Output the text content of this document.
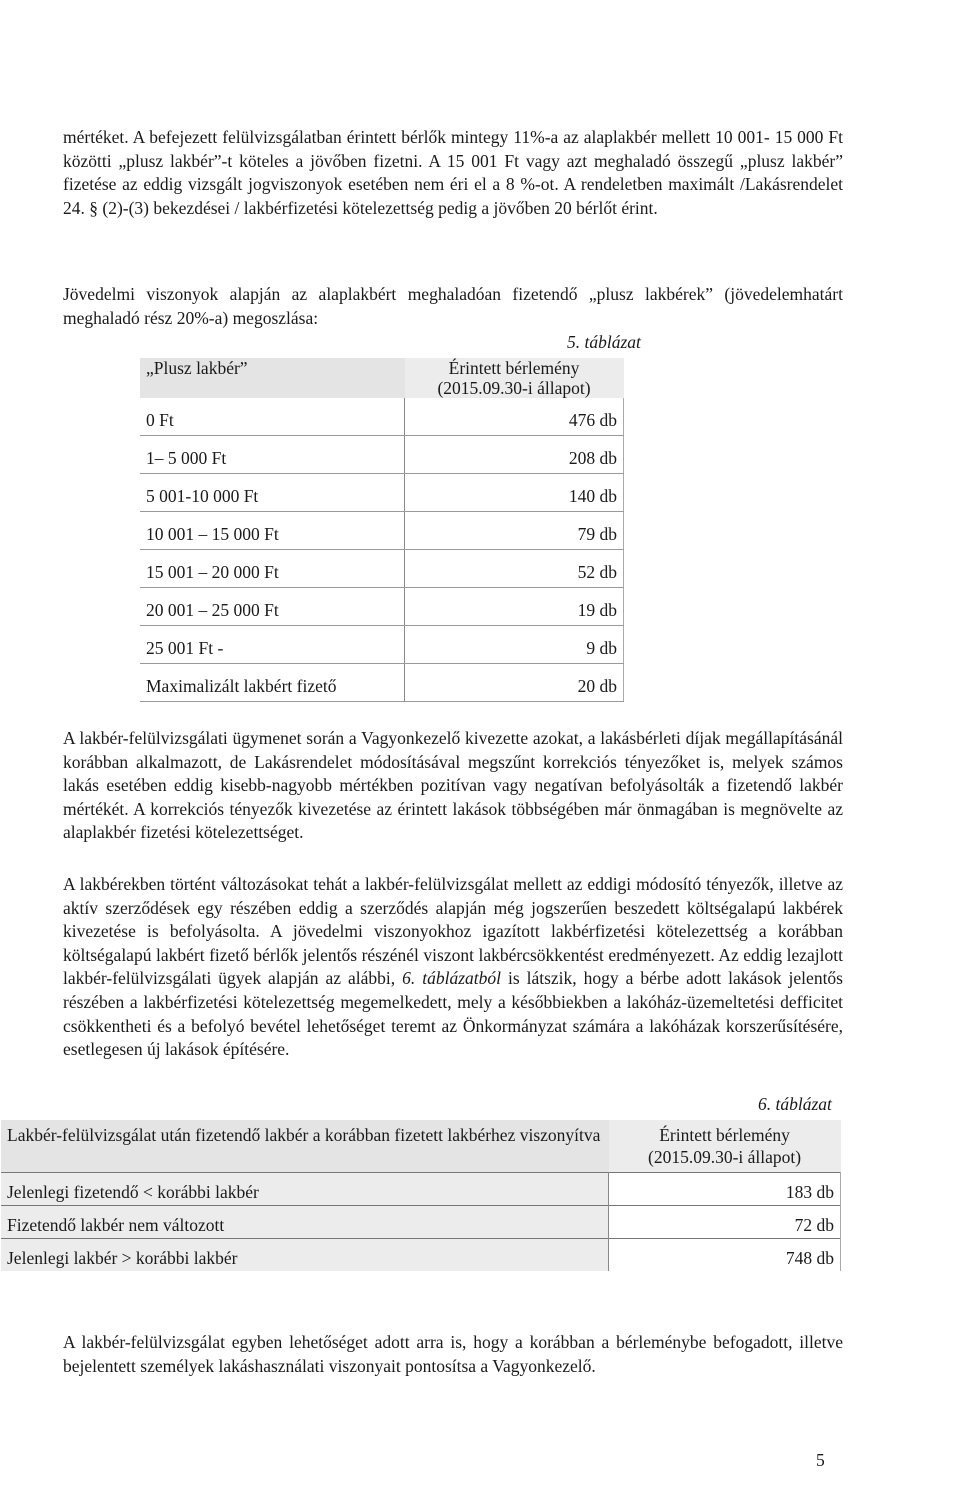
mértéket. A befejezett felülvizsgálatban érintett bérlők mintegy 11%-a az alaplakbér mellett 10 001- 15 000 Ft közötti „plusz lakbér”-t köteles a jövőben fizetni. A 15 001 Ft vagy azt meghaladó összegű „plusz lakbér” fizetése az eddig vizsgált jogviszonyok esetében nem éri el a 8 %-ot. A rendeletben maximált /Lakásrendelet 24. § (2)-(3) bekezdései / lakbérfizetési kötelezettség pedig a jövőben 20 bérlőt érint.

Jövedelmi viszonyok alapján az alaplakbért meghaladóan fizetendő „plusz lakbérek” (jövedelemhatárt meghaladó rész 20%-a) megoszlása:

5. táblázat

„Plusz lakbér”	Érintett bérlemény (2015.09.30-i állapot)
0 Ft	476 db
1– 5 000 Ft	208 db
5 001-10 000 Ft	140 db
10 001 – 15 000 Ft	79 db
15 001 – 20 000 Ft	52 db
20 001 – 25 000 Ft	19 db
25 001 Ft -	9 db
Maximalizált lakbért fizető	20 db

A lakbér-felülvizsgálati ügymenet során a Vagyonkezelő kivezette azokat, a lakásbérleti díjak megállapításánál korábban alkalmazott, de Lakásrendelet módosításával megszűnt korrekciós tényezőket is, melyek számos lakás esetében eddig kisebb-nagyobb mértékben pozitívan vagy negatívan befolyásolták a fizetendő lakbér mértékét. A korrekciós tényezők kivezetése az érintett lakások többségében már önmagában is megnövelte az alaplakbér fizetési kötelezettséget.

A lakbérekben történt változásokat tehát a lakbér-felülvizsgálat mellett az eddigi módosító tényezők, illetve az aktív szerződések egy részében eddig a szerződés alapján még jogszerűen beszedett költségalapú lakbérek kivezetése is befolyásolta. A jövedelmi viszonyokhoz igazított lakbérfizetési kötelezettség a korábban költségalapú lakbért fizető bérlők jelentős részénél viszont lakbércsökkentést eredményezett. Az eddig lezajlott lakbér-felülvizsgálati ügyek alapján az alábbi, 6. táblázatból is látszik, hogy a bérbe adott lakások jelentős részében a lakbérfizetési kötelezettség megemelkedett, mely a későbbiekben a lakóház-üzemeltetési defficitet csökkentheti és a befolyó bevétel lehetőséget teremt az Önkormányzat számára a lakóházak korszerűsítésére, esetlegesen új lakások építésére.

6. táblázat

Lakbér-felülvizsgálat után fizetendő lakbér a korábban fizetett lakbérhez viszonyítva	Érintett bérlemény (2015.09.30-i állapot)
Jelenlegi fizetendő < korábbi lakbér	183 db
Fizetendő lakbér nem változott	72 db
Jelenlegi lakbér > korábbi lakbér	748 db

A lakbér-felülvizsgálat egyben lehetőséget adott arra is, hogy a korábban a bérleménybe befogadott, illetve bejelentett személyek lakáshasználati viszonyait pontosítsa a Vagyonkezelő.

5
